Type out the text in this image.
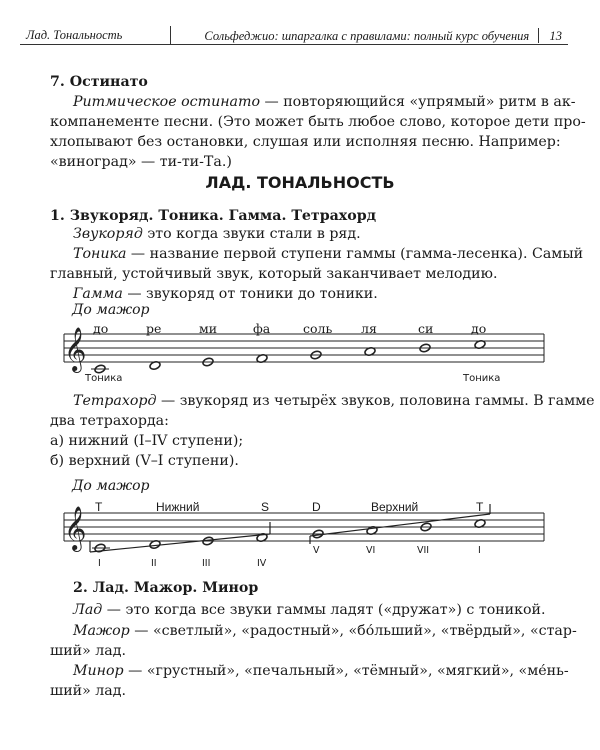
Лад. Тональность	Сольфеджио: шпаргалка с правилами: полный курс обучения 13
7. Остинато
Ритмическое остинато — повторяющийся «упрямый» ритм в ак-
компанементе песни. (Это может быть любое слово, которое дети про-
хлопывают без остановки, слушая или исполняя песню. Например:
«виноград» — ти-ти-Та.)
ЛАД. ТОНАЛЬНОСТЬ
1. Звукоряд. Тоника. Гамма. Тетрахорд
Звукоряд это когда звуки стали в ряд.
Тоника — название первой ступени гаммы (гамма-лесенка). Самый
главный, устойчивый звук, который заканчивает мелодию.
Гамма — звукоряд от тоники до тоники.
До мажор
𝄞 до	ре	ми	фа	соль ля	си	до
Тоника	Тоника
Тетрахорд — звукоряд из четырёх звуков, половина гаммы. В гамме
два тетрахорда:
а) нижний (I–IV ступени);
б) верхний (V–I ступени).
До мажор
𝄞 T	Нижний	S	D	Верхний	T
I	II	III	IV
V	VI	VII	I
2. Лад. Мажор. Минор
Лад — это когда все звуки гаммы ладят («дружат») с тоникой.
Мажор — «светлый», «радостный», «бо́льший», «твёрдый», «стар-
ший» лад.
Минор — «грустный», «печальный», «тёмный», «мягкий», «ме́нь-
ший» лад.
